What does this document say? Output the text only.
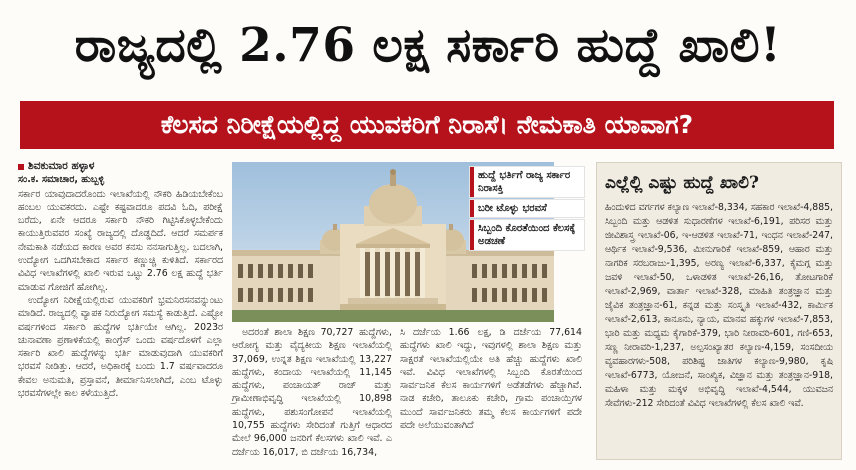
ರಾಜ್ಯದಲ್ಲಿ 2.76 ಲಕ್ಷ ಸರ್ಕಾರಿ ಹುದ್ದೆ ಖಾಲಿ!
ಕೆಲಸದ ನಿರೀಕ್ಷೆಯಲ್ಲಿದ್ದ ಯುವಕರಿಗೆ ನಿರಾಸೆ। ನೇಮಕಾತಿ ಯಾವಾಗ?
ಶಿವಕುಮಾರ ಹಳ್ಳಾಳ
ಸಂ.ಕ. ಸಮಾಚಾರ, ಹುಬ್ಬಳ್ಳಿ

ಸರ್ಕಾರ ಯಾವುದಾದರೊಂದು ಇಲಾಖೆಯಲ್ಲಿ ನೌಕರಿ ಹಿಡಿಯಬೇಕೆಂಬ ಹಂಬಲ ಯುವಕರದು. ಎಷ್ಟೇ ಕಷ್ಟವಾದರೂ ಪದವಿ ಓದಿ, ಪರೀಕ್ಷೆ ಬರೆದು, ಏನೇ ಆದರೂ ಸರ್ಕಾರಿ ನೌಕರಿ ಗಿಟ್ಟಿಸಿಕೊಳ್ಳಬೇಕೆಂದು ಕಾಯುತ್ತಿರುವವರ ಸಂಖ್ಯೆ ರಾಜ್ಯದಲ್ಲಿ ದೊಡ್ಡದಿದೆ. ಆದರೆ ಸಮರ್ಪಕ ನೇಮಕಾತಿ ನಡೆಯದ ಕಾರಣ ಅವರ ಕನಸು ನನಸಾಗುತ್ತಿಲ್ಲ. ಬದಲಾಗಿ, ಉದ್ಯೋಗ ಒದಗಿಸಬೇಕಾದ ಸರ್ಕಾರ ಕಣ್ಣುಚ್ಚಿ ಕುಳಿತಿದೆ. ಸರ್ಕಾರದ ವಿವಿಧ ಇಲಾಖೆಗಳಲ್ಲಿ ಖಾಲಿ ಇರುವ ಒಟ್ಟು 2.76 ಲಕ್ಷ ಹುದ್ದೆ ಭರ್ತಿ ಮಾಡುವ ಗೋಜಿಗೆ ಹೋಗಿಲ್ಲ.

ಉದ್ಯೋಗ ನಿರೀಕ್ಷೆಯಲ್ಲಿರುವ ಯುವಕರಿಗೆ ಭ್ರಮನಿರಸನವನ್ನುಂಟು ಮಾಡಿದೆ. ರಾಜ್ಯದಲ್ಲಿ ವ್ಯಾಪಕ ನಿರುದ್ಯೋಗ ಸಮಸ್ಯೆ ಕಾಡುತ್ತಿದೆ. ಎಷ್ಟೋ ವರ್ಷಗಳಿಂದ ಸರ್ಕಾರಿ ಹುದ್ದೆಗಳ ಭರ್ತಿಯೇ ಆಗಿಲ್ಲ. 2023ರ ಚುನಾವಣಾ ಪ್ರಣಾಳಿಕೆಯಲ್ಲಿ ಕಾಂಗ್ರೆಸ್ ಒಂದು ವರ್ಷದೊಳಗೆ ಎಲ್ಲಾ ಸರ್ಕಾರಿ ಖಾಲಿ ಹುದ್ದೆಗಳನ್ನು ಭರ್ತಿ ಮಾಡುವುದಾಗಿ ಯುವಕರಿಗೆ ಭರವಸೆ ನೀಡಿತ್ತು. ಆದರೆ, ಅಧಿಕಾರಕ್ಕೆ ಬಂದು 1.7 ವರ್ಷವಾದರೂ ಕೇವಲ ಅನುಮತಿ, ಪ್ರಸ್ತಾವನೆ, ತೀರ್ಮಾನಿಸಲಾಗಿದೆ, ಎಂಬ ಟೊಳ್ಳು ಭರವಸೆಗಳಲ್ಲೇ ಕಾಲ ಕಳೆಯುತ್ತಿದೆ.

ಹುದ್ದೆ ಭರ್ತಿಗೆ ರಾಜ್ಯ ಸರ್ಕಾರ ನಿರಾಸಕ್ತಿ
ಬರೀ ಟೊಳ್ಳು ಭರವಸೆ
ಸಿಬ್ಬಂದಿ ಕೊರತೆಯಿಂದ ಕೆಲಸಕ್ಕೆ ಅಡಚಣೆ

ಅದರಂತೆ ಶಾಲಾ ಶಿಕ್ಷಣ 70,727 ಹುದ್ದೆಗಳು, ಆರೋಗ್ಯ ಮತ್ತು ವೈದ್ಯಕೀಯ ಶಿಕ್ಷಣ ಇಲಾಖೆಯಲ್ಲಿ 37,069, ಉನ್ನತ ಶಿಕ್ಷಣ ಇಲಾಖೆಯಲ್ಲಿ 13,227 ಹುದ್ದೆಗಳು, ಕಂದಾಯ ಇಲಾಖೆಯಲ್ಲಿ 11,145 ಹುದ್ದೆಗಳು, ಪಂಚಾಯತ್ ರಾಜ್ ಮತ್ತು ಗ್ರಾಮೀಣಾಭಿವೃದ್ಧಿ ಇಲಾಖೆಯಲ್ಲಿ 10,898 ಹುದ್ದೆಗಳು, ಪಶುಸಂಗೋಪನೆ ಇಲಾಖೆಯಲ್ಲಿ 10,755 ಹುದ್ದೆಗಳು ಸೇರಿದಂತೆ ಗುತ್ತಿಗೆ ಆಧಾರದ ಮೇಲೆ 96,000 ಜನರಿಗೆ ಕೆಲಸಗಳು ಖಾಲಿ ಇವೆ. ಎ ದರ್ಜೆಯ 16,017, ಬಿ ದರ್ಜೆಯ 16,734,

ಸಿ ದರ್ಜೆಯ 1.66 ಲಕ್ಷ, ಡಿ ದರ್ಜೆಯ 77,614 ಹುದ್ದೆಗಳು ಖಾಲಿ ಇದ್ದು, ಇವುಗಳಲ್ಲಿ ಶಾಲಾ ಶಿಕ್ಷಣ ಮತ್ತು ಸಾಕ್ಷರತೆ ಇಲಾಖೆಯಲ್ಲಿಯೇ ಅತಿ ಹೆಚ್ಚು ಹುದ್ದೆಗಳು ಖಾಲಿ ಇವೆ. ವಿವಿಧ ಇಲಾಖೆಗಳಲ್ಲಿ ಸಿಬ್ಬಂದಿ ಕೊರತೆಯಿಂದ ಸಾರ್ವಜನಿಕ ಕೆಲಸ ಕಾರ್ಯಗಳಿಗೆ ಅಡೆತಡೆಗಳು ಹೆಚ್ಚಾಗಿವೆ. ನಾಡ ಕಚೇರಿ, ತಾಲೂಕು ಕಚೇರಿ, ಗ್ರಾಮ ಪಂಚಾಯ್ತಿಗಳ ಮುಂದೆ ಸಾರ್ವಜನಿಕರು ತಮ್ಮ ಕೆಲಸ ಕಾರ್ಯಗಳಿಗೆ ಪದೇ ಪದೇ ಅಲೆಯುವಂತಾಗಿದೆ

ಎಲ್ಲೆಲ್ಲಿ ಎಷ್ಟು ಹುದ್ದೆ ಖಾಲಿ?
ಹಿಂದುಳಿದ ವರ್ಗಗಳ ಕಲ್ಯಾಣ ಇಲಾಖೆ-8,334, ಸಹಕಾರ ಇಲಾಖೆ-4,885, ಸಿಬ್ಬಂದಿ ಮತ್ತು ಆಡಳಿತ ಸುಧಾರಣೆಗಳ ಇಲಾಖೆ-6,191, ಪರಿಸರ ಮತ್ತು ಜೀವಿಶಾಸ್ತ್ರ ಇಲಾಖೆ-06, ಇ-ಆಡಳಿತ ಇಲಾಖೆ-71, ಇಂಧನ ಇಲಾಖೆ-247, ಆರ್ಥಿಕ ಇಲಾಖೆ-9,536, ಮೀನುಗಾರಿಕೆ ಇಲಾಖೆ-859, ಆಹಾರ ಮತ್ತು ನಾಗರಿಕ ಸರಬರಾಜು-1,395, ಅರಣ್ಯ ಇಲಾಖೆ-6,337, ಕೈಮಗ್ಗ ಮತ್ತು ಜವಳಿ ಇಲಾಖೆ-50, ಒಳಾಡಳಿತ ಇಲಾಖೆ-26,16, ತೋಟಗಾರಿಕೆ ಇಲಾಖೆ-2,969, ವಾರ್ತಾ ಇಲಾಖೆ-328, ಮಾಹಿತಿ ತಂತ್ರಜ್ಞಾನ ಮತ್ತು ಜೈವಿಕ ತಂತ್ರಜ್ಞಾನ-61, ಕನ್ನಡ ಮತ್ತು ಸಂಸ್ಕೃತಿ ಇಲಾಖೆ-432, ಕಾರ್ಮಿಕ ಇಲಾಖೆ-2,613, ಕಾನೂನು, ನ್ಯಾಯ, ಮಾನವ ಹಕ್ಕುಗಳ ಇಲಾಖೆ-7,853, ಭಾರಿ ಮತ್ತು ಮಧ್ಯಮ ಕೈಗಾರಿಕೆ-379, ಭಾರಿ ನೀರಾವರಿ-601, ಗಣಿ-653, ಸಣ್ಣ ನೀರಾವರಿ-1,237, ಅಲ್ಪಸಂಖ್ಯಾತರ ಕಲ್ಯಾಣ-4,159, ಸಂಸದೀಯ ವ್ಯವಹಾರಗಳು-508, ಪರಿಶಿಷ್ಟ ಜಾತಿಗಳ ಕಲ್ಯಾಣ-9,980, ಕೃಷಿ ಇಲಾಖೆ-6773, ಯೋಜನೆ, ಸಾಂಖ್ಯಿಕ, ವಿಜ್ಞಾನ ಮತ್ತು ತಂತ್ರಜ್ಞಾನ-918, ಮಹಿಳಾ ಮತ್ತು ಮಕ್ಕಳ ಅಭಿವೃದ್ಧಿ ಇಲಾಖೆ-4,544, ಯುವಜನ ಸೇವೆಗಳು-212 ಸೇರಿದಂತೆ ವಿವಿಧ ಇಲಾಖೆಗಳಲ್ಲಿ ಕೆಲಸ ಖಾಲಿ ಇವೆ.
